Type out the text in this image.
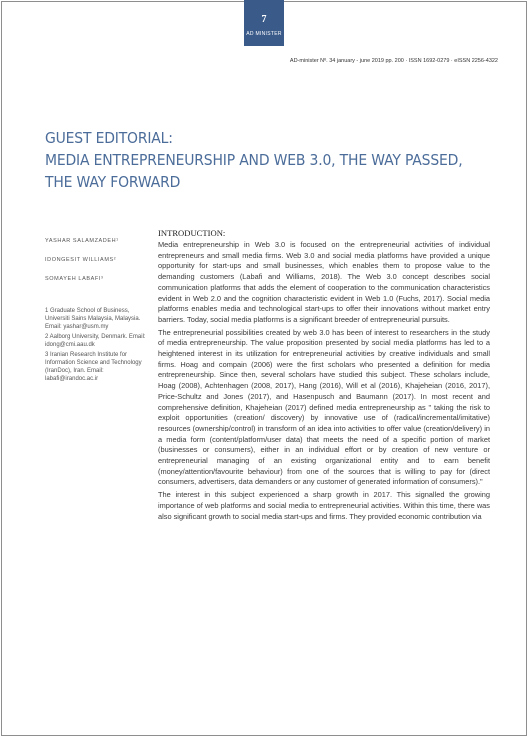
7
AD MINISTER
AD-minister Nº. 34 january - june 2019 pp. 200 · ISSN 1692-0279 · eISSN 2256-4322
GUEST EDITORIAL:
MEDIA ENTREPRENEURSHIP AND WEB 3.0, THE WAY PASSED,
THE WAY FORWARD
YASHAR SALAMZADEH¹
IDONGESIT WILLIAMS²
SOMAYEH LABAFI³
1 Graduate School of Business, Universiti Sains Malaysia, Malaysia. Email: yashar@usm.my
2 Aalborg University, Denmark. Email: idong@cmi.aau.dk
3 Iranian Research Institute for Information Science and Technology (IranDoc), Iran. Email: labafi@irandoc.ac.ir
INTRODUCTION:

Media entrepreneurship in Web 3.0 is focused on the entrepreneurial activities of individual entrepreneurs and small media firms. Web 3.0 and social media platforms have provided a unique opportunity for start-ups and small businesses, which enables them to propose value to the demanding customers (Labafi and Williams, 2018). The Web 3.0 concept describes social communication platforms that adds the element of cooperation to the communication characteristics evident in Web 2.0 and the cognition characteristic evident in Web 1.0 (Fuchs, 2017). Social media platforms enables media and technological start-ups to offer their innovations without market entry barriers. Today, social media platforms is a significant breeder of entrepreneurial pursuits.

The entrepreneurial possibilities created by web 3.0 has been of interest to researchers in the study of media entrepreneurship. The value proposition presented by social media platforms has led to a heightened interest in its utilization for entrepreneurial activities by creative individuals and small firms. Hoag and compain (2006) were the first scholars who presented a definition for media entrepreneurship. Since then, several scholars have studied this subject. These scholars include, Hoag (2008), Achtenhagen (2008, 2017), Hang (2016), Will et al (2016), Khajeheian (2016, 2017), Price-Schultz and Jones (2017), and Hasenpusch and Baumann (2017). In most recent and comprehensive definition, Khajeheian (2017) defined media entrepreneurship as " taking the risk to exploit opportunities (creation/ discovery) by innovative use of (radical/incremental/imitative) resources (ownership/control) in transform of an idea into activities to offer value (creation/delivery) in a media form (content/platform/user data) that meets the need of a specific portion of market (businesses or consumers), either in an individual effort or by creation of new venture or entrepreneurial managing of an existing organizational entity and to earn benefit (money/attention/favourite behaviour) from one of the sources that is willing to pay for (direct consumers, advertisers, data demanders or any customer of generated information of consumers)."

The interest in this subject experienced a sharp growth in 2017. This signalled the growing importance of web platforms and social media to entrepreneurial activities. Within this time, there was also significant growth to social media start-ups and firms. They provided economic contribution via
